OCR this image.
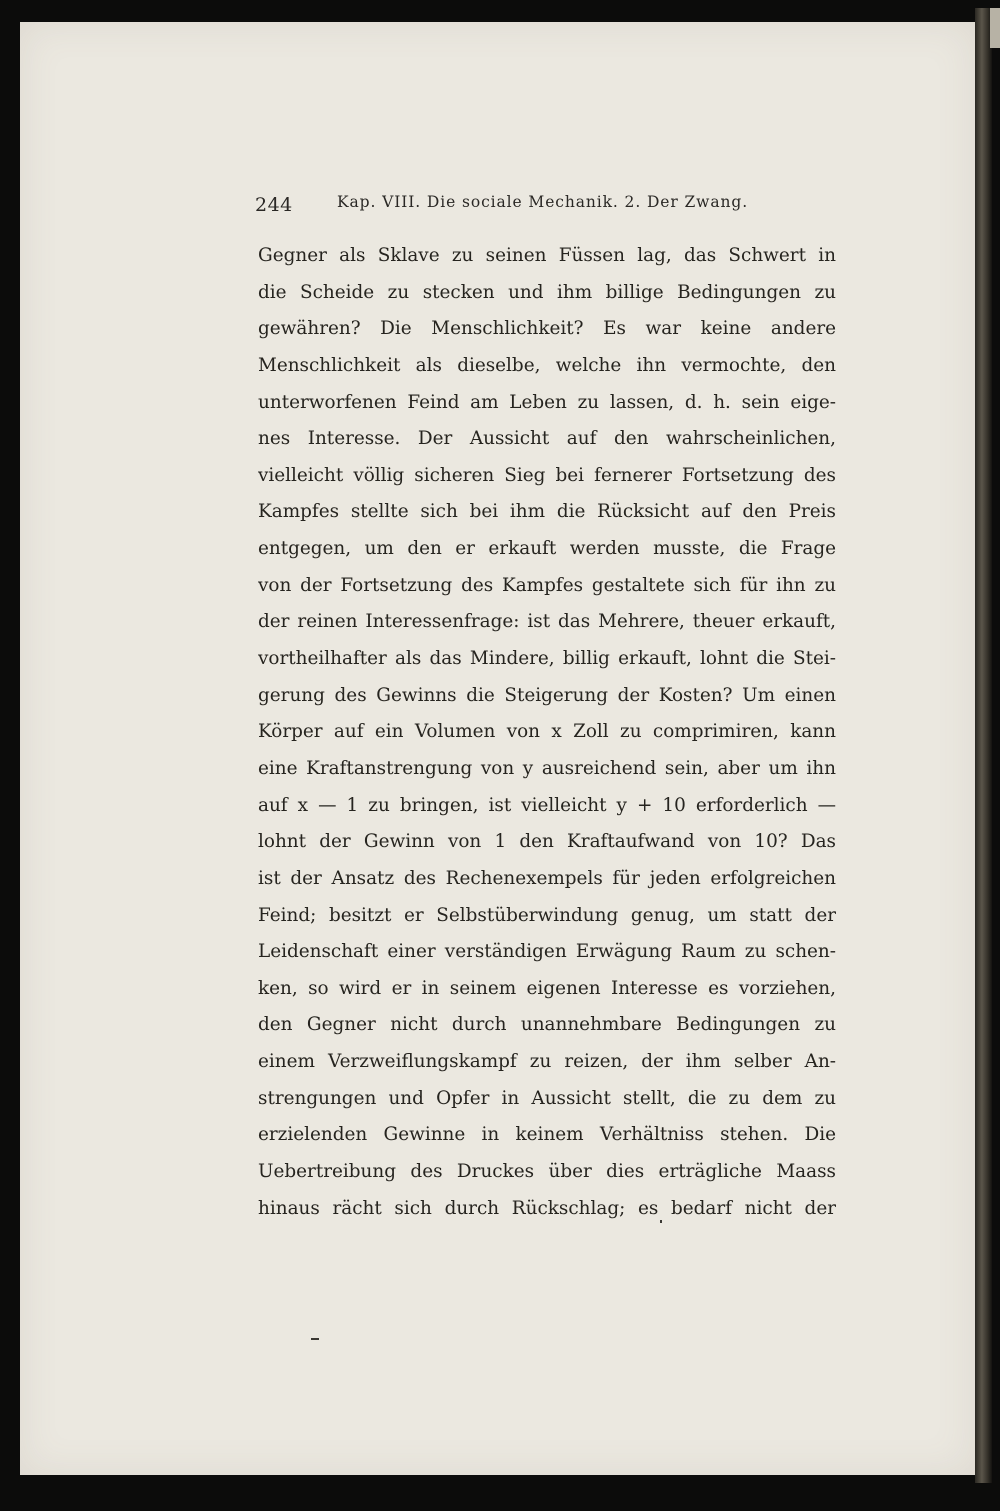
244	Kap. VIII. Die sociale Mechanik. 2. Der Zwang.
Gegner als Sklave zu seinen Füssen lag, das Schwert in
die Scheide zu stecken und ihm billige Bedingungen zu
gewähren? Die Menschlichkeit? Es war keine andere
Menschlichkeit als dieselbe, welche ihn vermochte, den
unterworfenen Feind am Leben zu lassen, d. h. sein eige-
nes Interesse. Der Aussicht auf den wahrscheinlichen,
vielleicht völlig sicheren Sieg bei fernerer Fortsetzung des
Kampfes stellte sich bei ihm die Rücksicht auf den Preis
entgegen, um den er erkauft werden musste, die Frage
von der Fortsetzung des Kampfes gestaltete sich für ihn zu
der reinen Interessenfrage: ist das Mehrere, theuer erkauft,
vortheilhafter als das Mindere, billig erkauft, lohnt die Stei-
gerung des Gewinns die Steigerung der Kosten? Um einen
Körper auf ein Volumen von x Zoll zu comprimiren, kann
eine Kraftanstrengung von y ausreichend sein, aber um ihn
auf x — 1 zu bringen, ist vielleicht y + 10 erforderlich —
lohnt der Gewinn von 1 den Kraftaufwand von 10? Das
ist der Ansatz des Rechenexempels für jeden erfolgreichen
Feind; besitzt er Selbstüberwindung genug, um statt der
Leidenschaft einer verständigen Erwägung Raum zu schen-
ken, so wird er in seinem eigenen Interesse es vorziehen,
den Gegner nicht durch unannehmbare Bedingungen zu
einem Verzweiflungskampf zu reizen, der ihm selber An-
strengungen und Opfer in Aussicht stellt, die zu dem zu
erzielenden Gewinne in keinem Verhältniss stehen. Die
Uebertreibung des Druckes über dies erträgliche Maass
hinaus rächt sich durch Rückschlag; es bedarf nicht der
